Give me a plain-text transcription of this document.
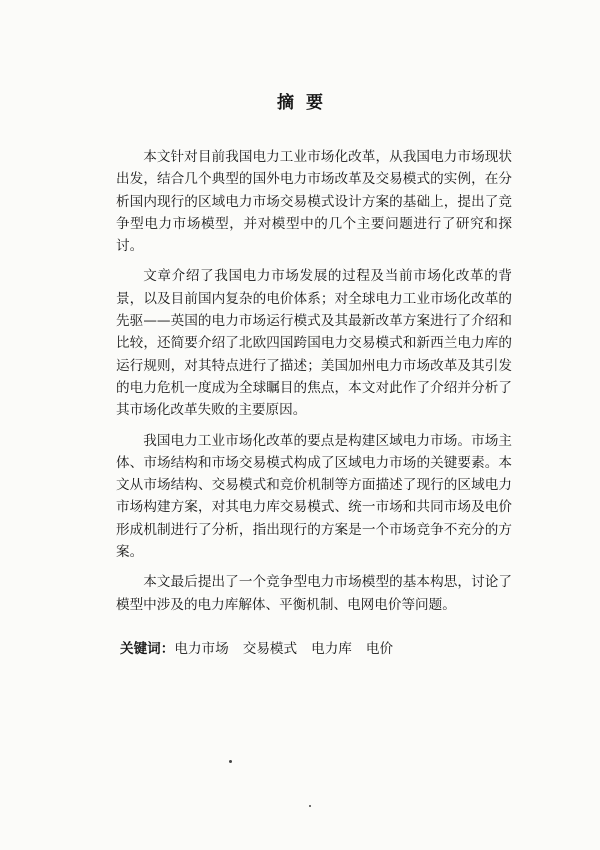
摘要

本文针对目前我国电力工业市场化改革，从我国电力市场现状出发，结合几个典型的国外电力市场改革及交易模式的实例，在分析国内现行的区域电力市场交易模式设计方案的基础上，提出了竞争型电力市场模型，并对模型中的几个主要问题进行了研究和探讨。

文章介绍了我国电力市场发展的过程及当前市场化改革的背景，以及目前国内复杂的电价体系；对全球电力工业市场化改革的先驱——英国的电力市场运行模式及其最新改革方案进行了介绍和比较，还简要介绍了北欧四国跨国电力交易模式和新西兰电力库的运行规则，对其特点进行了描述；美国加州电力市场改革及其引发的电力危机一度成为全球瞩目的焦点，本文对此作了介绍并分析了其市场化改革失败的主要原因。

我国电力工业市场化改革的要点是构建区域电力市场。市场主体、市场结构和市场交易模式构成了区域电力市场的关键要素。本文从市场结构、交易模式和竞价机制等方面描述了现行的区域电力市场构建方案，对其电力库交易模式、统一市场和共同市场及电价形成机制进行了分析，指出现行的方案是一个市场竞争不充分的方案。

本文最后提出了一个竞争型电力市场模型的基本构思，讨论了模型中涉及的电力库解体、平衡机制、电网电价等问题。

关键词：电力市场 交易模式 电力库 电价
